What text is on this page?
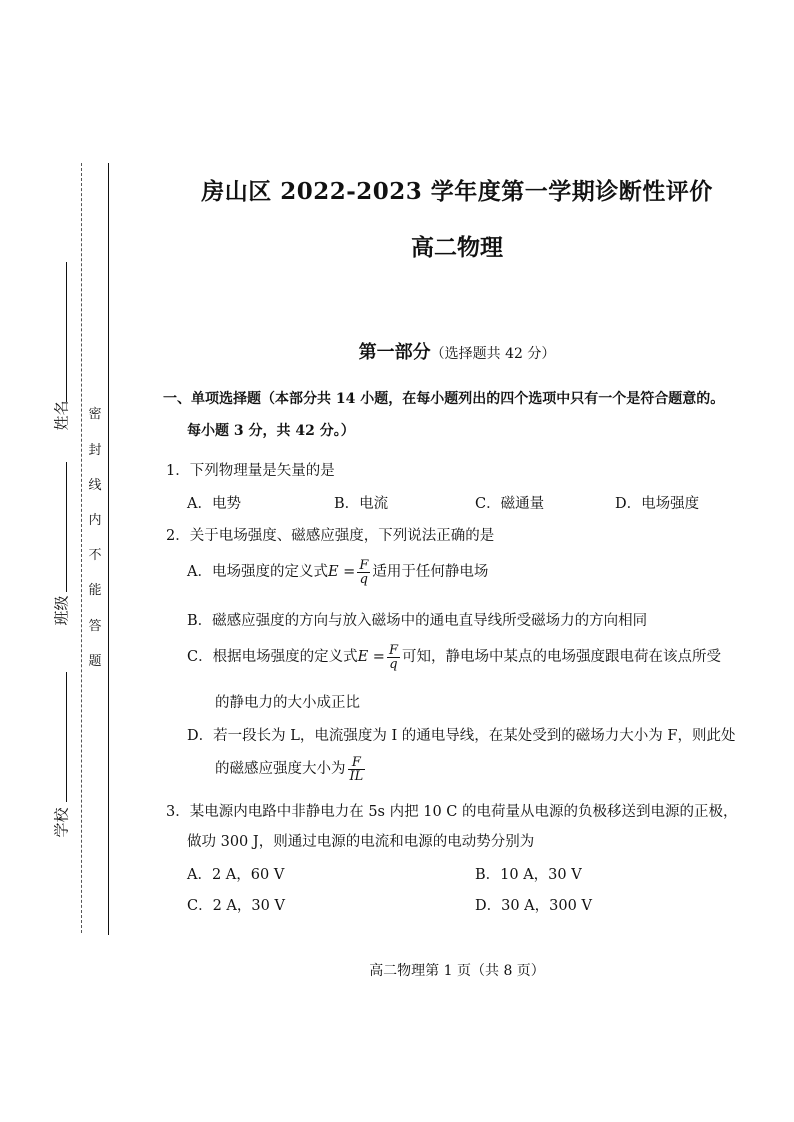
密
封
线
内
不
能
答
题
姓名
班级
学校
房山区 2022-2023 学年度第一学期诊断性评价
高二物理
第一部分（选择题共 42 分）
一、单项选择题（本部分共 14 小题，在每小题列出的四个选项中只有一个是符合题意的。
每小题 3 分，共 42 分。）
1．下列物理量是矢量的是
A．电势	B．电流	C．磁通量	D．电场强度
2．关于电场强度、磁感应强度，下列说法正确的是
A．电场强度的定义式$E = \frac{F}{q}$ 适用于任何静电场
B．磁感应强度的方向与放入磁场中的通电直导线所受磁场力的方向相同
C．根据电场强度的定义式$E = \frac{F}{q}$ 可知，静电场中某点的电场强度跟电荷在该点所受
的静电力的大小成正比
D．若一段长为 L，电流强度为 I 的通电导线，在某处受到的磁场力大小为 F，则此处
的磁感应强度大小为 $\frac{F}{IL}$
3．某电源内电路中非静电力在 5s 内把 10 C 的电荷量从电源的负极移送到电源的正极，
做功 300 J，则通过电源的电流和电源的电动势分别为
A．2 A，60 V	B．10 A，30 V
C．2 A，30 V	D．30 A，300 V
高二物理第 1 页（共 8 页）
